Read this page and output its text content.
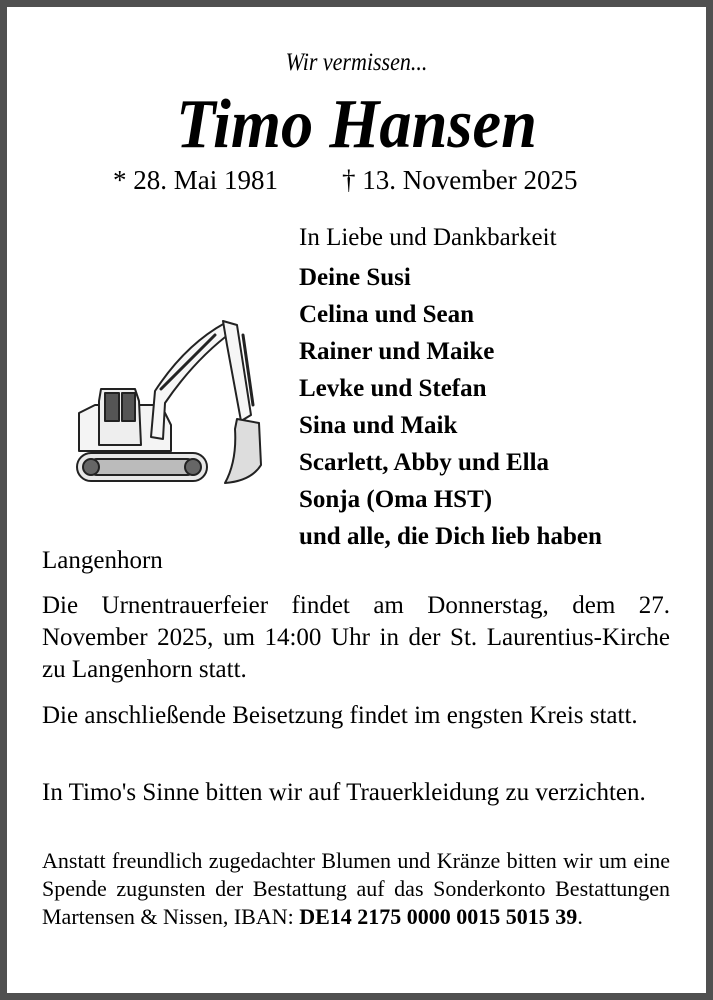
Wir vermissen...
Timo Hansen
* 28. Mai 1981 † 13. November 2025
In Liebe und Dankbarkeit
Deine Susi
Celina und Sean
Rainer und Maike
Levke und Stefan
Sina und Maik
Scarlett, Abby und Ella
Sonja (Oma HST)
und alle, die Dich lieb haben
Langenhorn

Die Urnentrauerfeier findet am Donnerstag, dem 27. November 2025, um 14:00 Uhr in der St. Laurentius-Kirche zu Langenhorn statt.

Die anschließende Beisetzung findet im engsten Kreis statt.

In Timo's Sinne bitten wir auf Trauerkleidung zu verzichten.

Anstatt freundlich zugedachter Blumen und Kränze bitten wir um eine Spende zugunsten der Bestattung auf das Sonderkonto Bestattungen Martensen & Nissen, IBAN: DE14 2175 0000 0015 5015 39.
